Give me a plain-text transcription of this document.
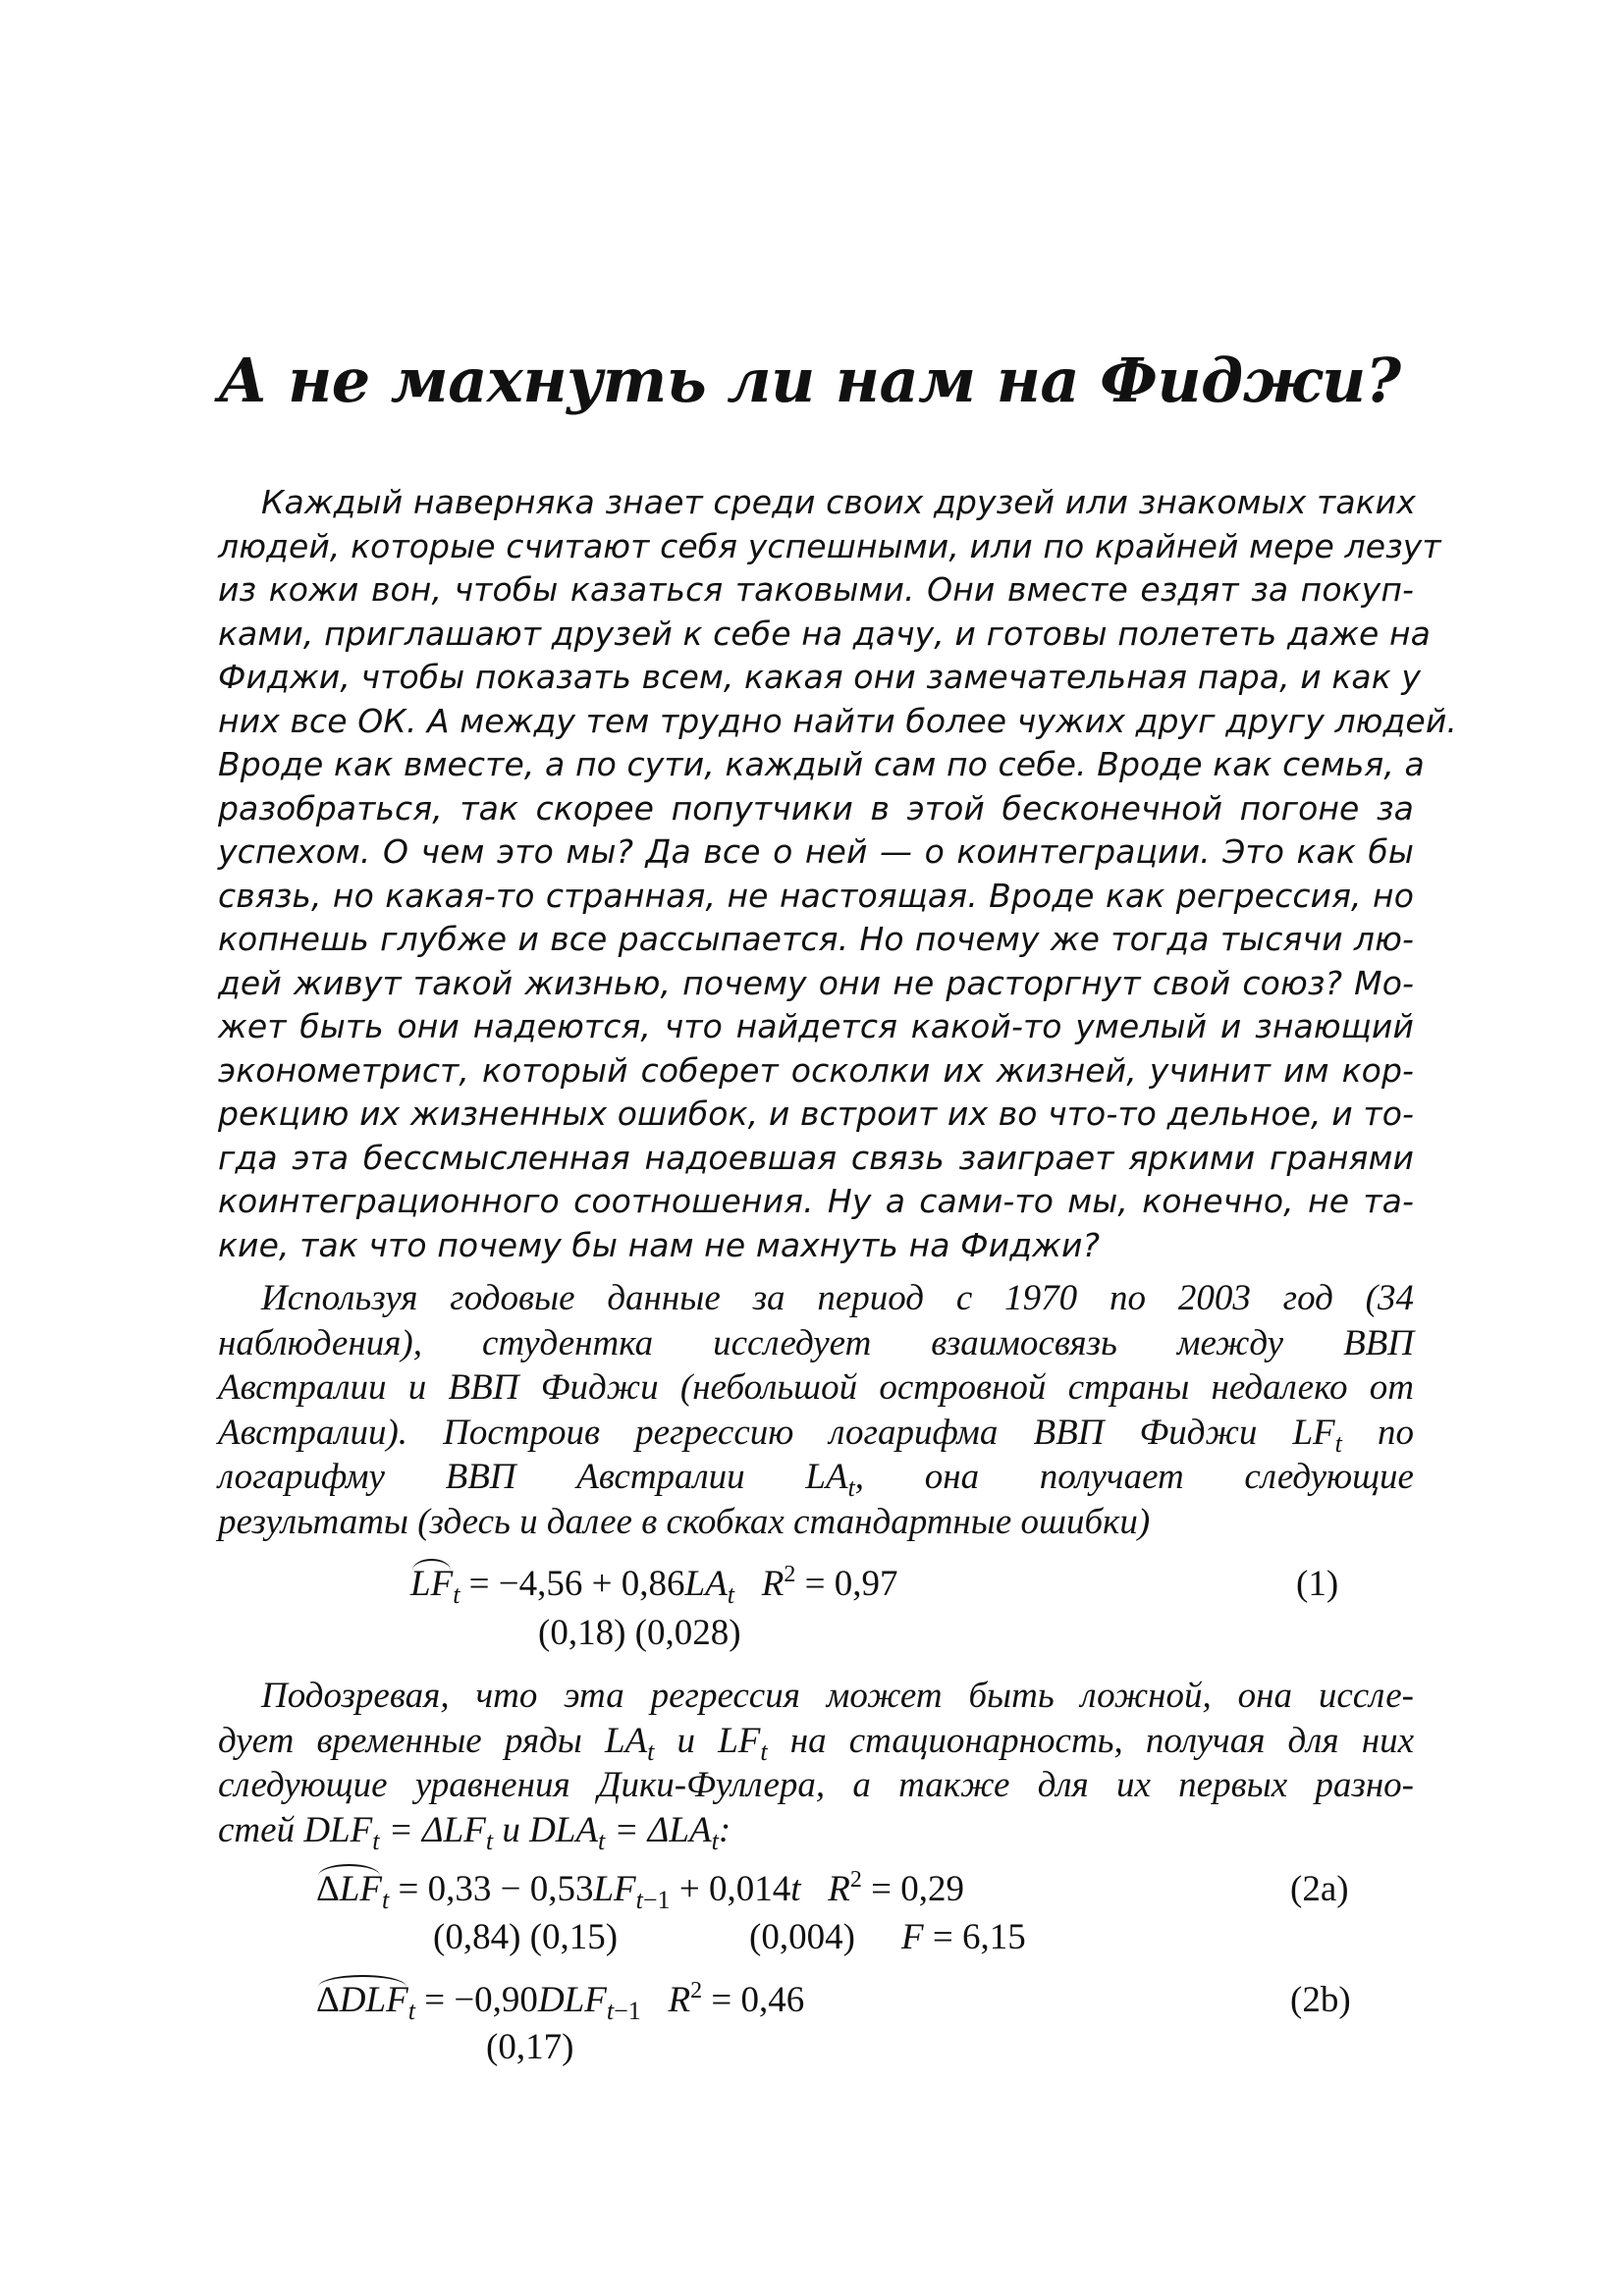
А не махнуть ли нам на Фиджи?
Каждый наверняка знает среди своих друзей или знакомых таких
людей, которые считают себя успешными, или по крайней мере лезут
из кожи вон, чтобы казаться таковыми. Они вместе ездят за покуп-
ками, приглашают друзей к себе на дачу, и готовы полететь даже на
Фиджи, чтобы показать всем, какая они замечательная пара, и как у
них все ОК. А между тем трудно найти более чужих друг другу людей.
Вроде как вместе, а по сути, каждый сам по себе. Вроде как семья, а
разобраться, так скорее попутчики в этой бесконечной погоне за
успехом. О чем это мы? Да все о ней — о коинтеграции. Это как бы
связь, но какая-то странная, не настоящая. Вроде как регрессия, но
копнешь глубже и все рассыпается. Но почему же тогда тысячи лю-
дей живут такой жизнью, почему они не расторгнут свой союз? Мо-
жет быть они надеются, что найдется какой-то умелый и знающий
эконометрист, который соберет осколки их жизней, учинит им кор-
рекцию их жизненных ошибок, и встроит их во что-то дельное, и то-
гда эта бессмысленная надоевшая связь заиграет яркими гранями
коинтеграционного соотношения. Ну а сами-то мы, конечно, не та-
кие, так что почему бы нам не махнуть на Фиджи?
Используя годовые данные за период с 1970 по 2003 год (34
наблюдения), студентка исследует взаимосвязь между ВВП
Австралии и ВВП Фиджи (небольшой островной страны недалеко от
Австралии). Построив регрессию логарифма ВВП Фиджи $LF_t$ по
логарифму ВВП Австралии $LA_t$, она получает следующие
результаты (здесь и далее в скобках стандартные ошибки)
$LF_t = -4,56 + 0,86LA_t$ $R^2 = 0,97$
(0,18) (0,028)
(1)
Подозревая, что эта регрессия может быть ложной, она иссле-
дует временные ряды $LA_t$ и $LF_t$ на стационарность, получая для них
следующие уравнения Дики-Фуллера, а также для их первых разно-
стей $DLF_t = \Delta LF_t$ и $DLA_t = \Delta LA_t$:
$\Delta LF_t = 0,33 - 0,53LF_{t-1} + 0,014t$ $R^2 = 0,29$
(0,84) (0,15)	(0,004) F = 6,15
(2a)
$\Delta DLF_t = -0,90DLF_{t-1}$ $R^2 = 0,46$
(0,17)
(2b)
